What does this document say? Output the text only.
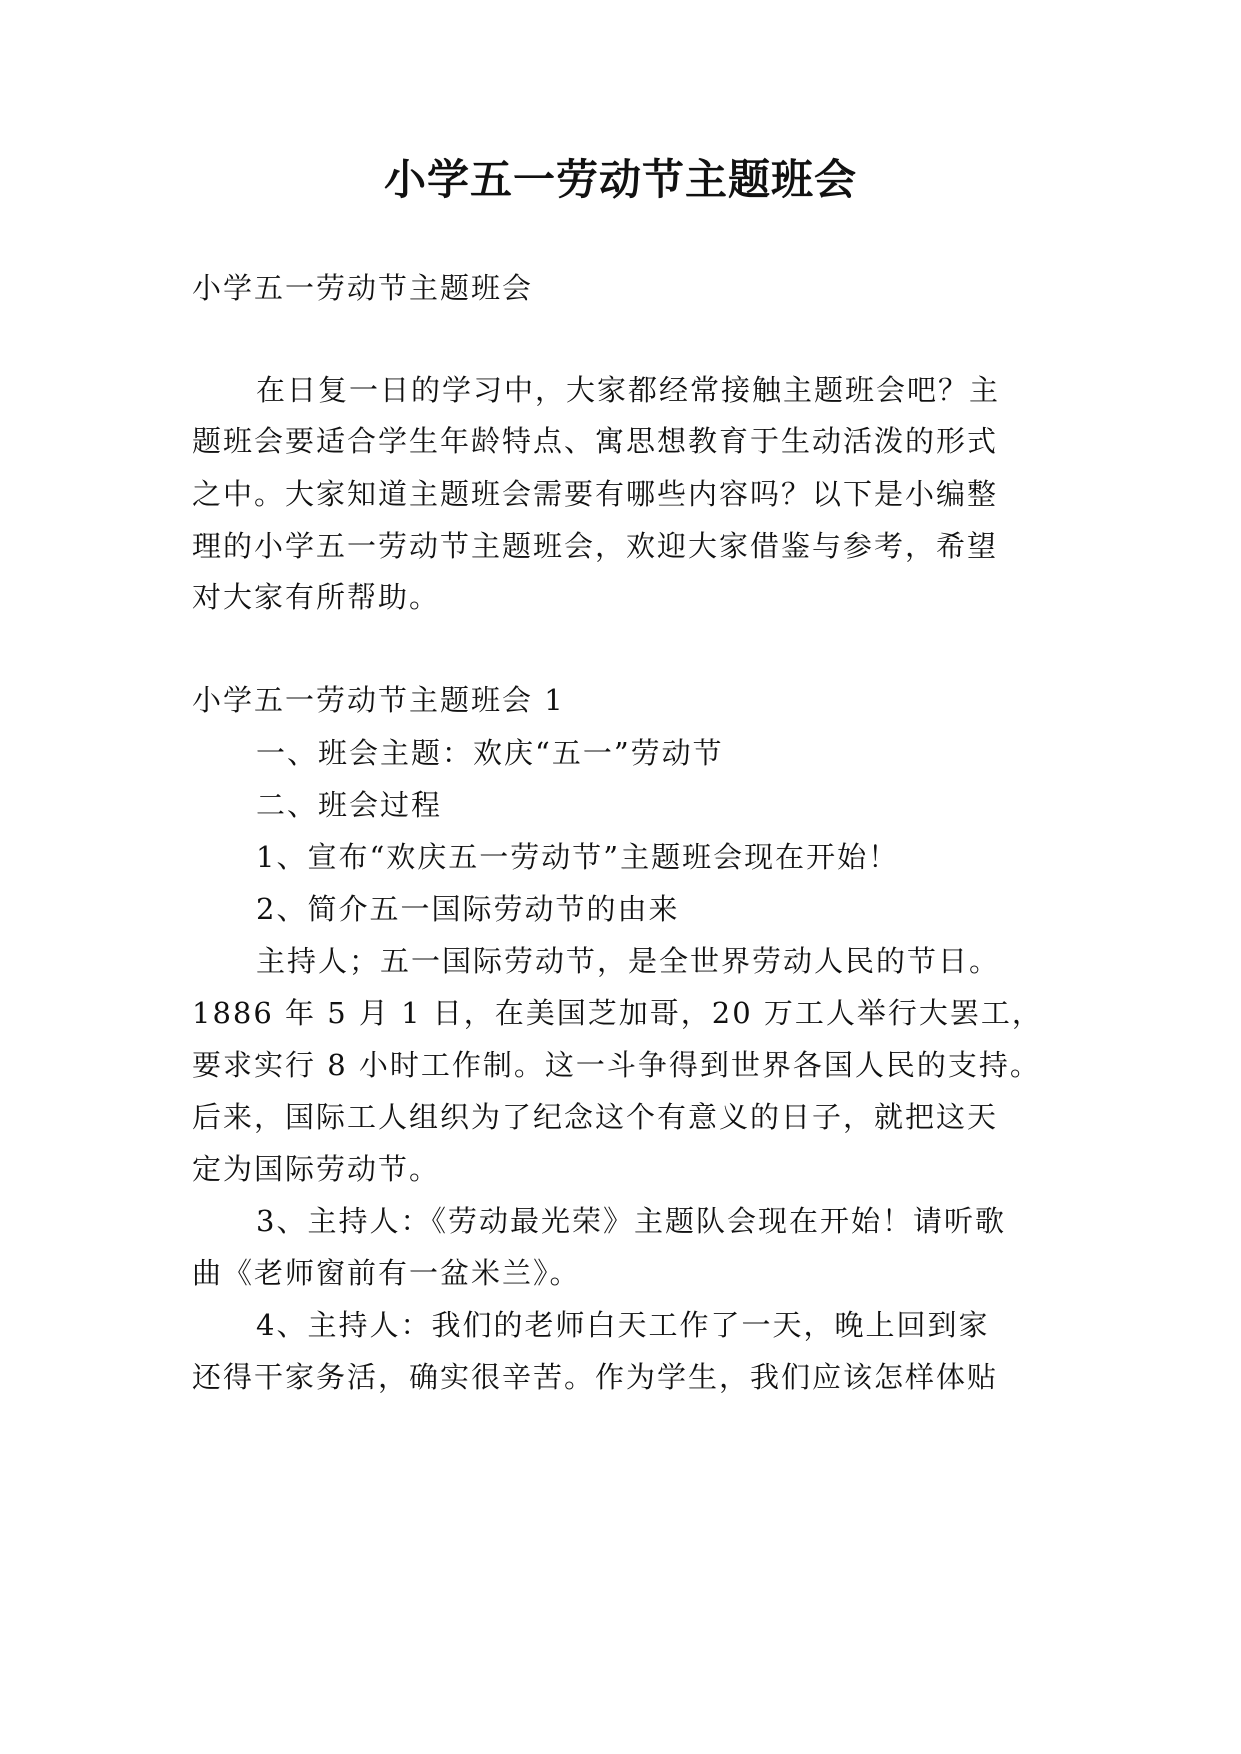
小学五一劳动节主题班会
小学五一劳动节主题班会
在日复一日的学习中，大家都经常接触主题班会吧？主
题班会要适合学生年龄特点、寓思想教育于生动活泼的形式
之中。大家知道主题班会需要有哪些内容吗？以下是小编整
理的小学五一劳动节主题班会，欢迎大家借鉴与参考，希望
对大家有所帮助。
小学五一劳动节主题班会 1
一、班会主题：欢庆“五一”劳动节
二、班会过程
1、宣布“欢庆五一劳动节”主题班会现在开始！
2、简介五一国际劳动节的由来
主持人；五一国际劳动节，是全世界劳动人民的节日。
1886 年 5 月 1 日，在美国芝加哥，20 万工人举行大罢工，
要求实行 8 小时工作制。这一斗争得到世界各国人民的支持。
后来，国际工人组织为了纪念这个有意义的日子，就把这天
定为国际劳动节。
3、主持人：《劳动最光荣》主题队会现在开始！请听歌
曲《老师窗前有一盆米兰》。
4、主持人：我们的老师白天工作了一天，晚上回到家
还得干家务活，确实很辛苦。作为学生，我们应该怎样体贴
